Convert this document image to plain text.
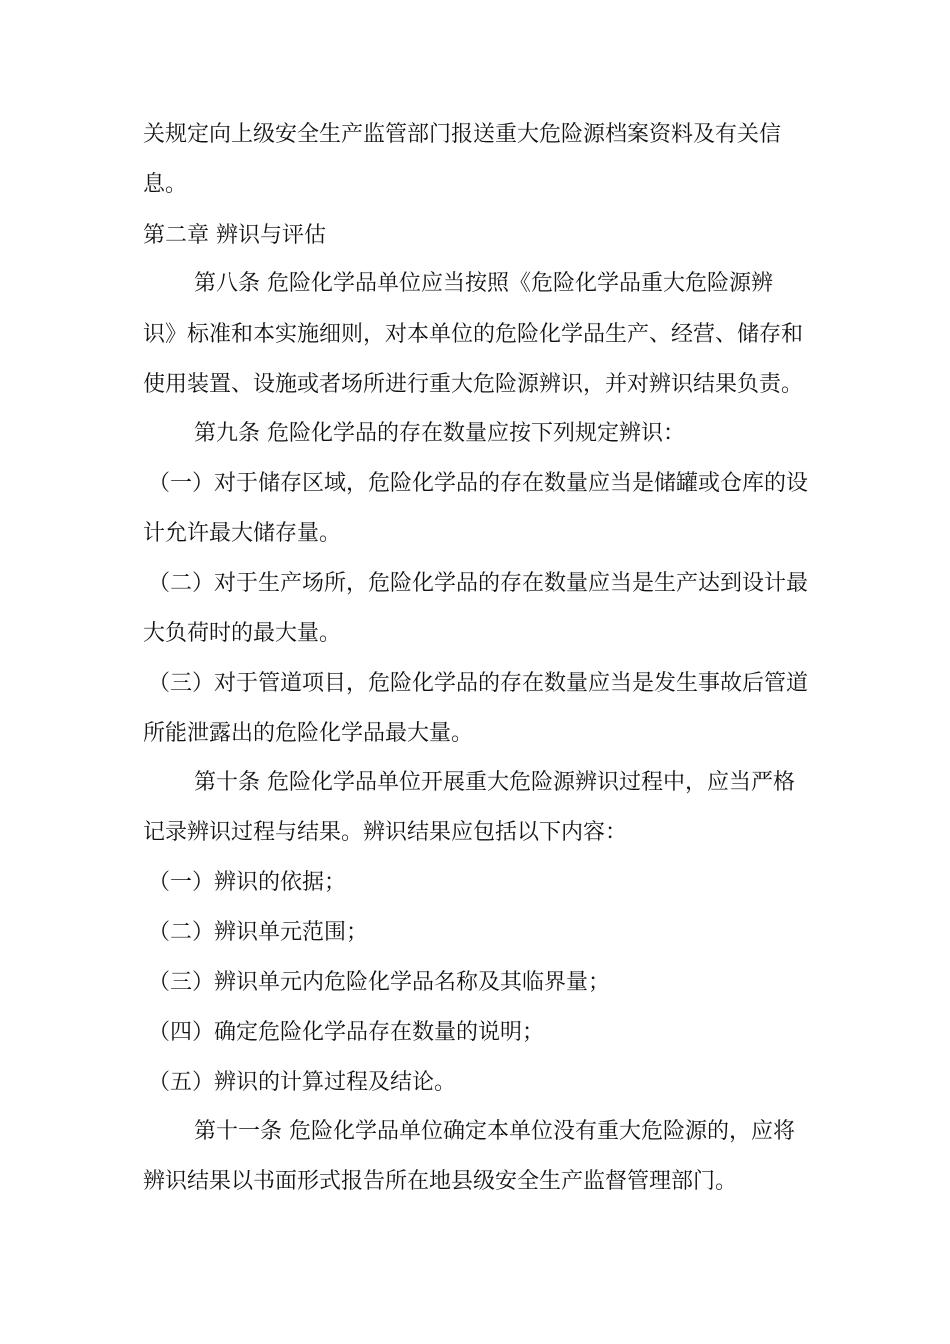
关规定向上级安全生产监管部门报送重大危险源档案资料及有关信
息。
第二章 辨识与评估
第八条 危险化学品单位应当按照《危险化学品重大危险源辨
识》标准和本实施细则，对本单位的危险化学品生产、经营、储存和
使用装置、设施或者场所进行重大危险源辨识，并对辨识结果负责。
第九条 危险化学品的存在数量应按下列规定辨识：
（一）对于储存区域，危险化学品的存在数量应当是储罐或仓库的设
计允许最大储存量。
（二）对于生产场所，危险化学品的存在数量应当是生产达到设计最
大负荷时的最大量。
（三）对于管道项目，危险化学品的存在数量应当是发生事故后管道
所能泄露出的危险化学品最大量。
第十条 危险化学品单位开展重大危险源辨识过程中，应当严格
记录辨识过程与结果。辨识结果应包括以下内容：
（一）辨识的依据；
（二）辨识单元范围；
（三）辨识单元内危险化学品名称及其临界量；
（四）确定危险化学品存在数量的说明；
（五）辨识的计算过程及结论。
第十一条 危险化学品单位确定本单位没有重大危险源的，应将
辨识结果以书面形式报告所在地县级安全生产监督管理部门。
